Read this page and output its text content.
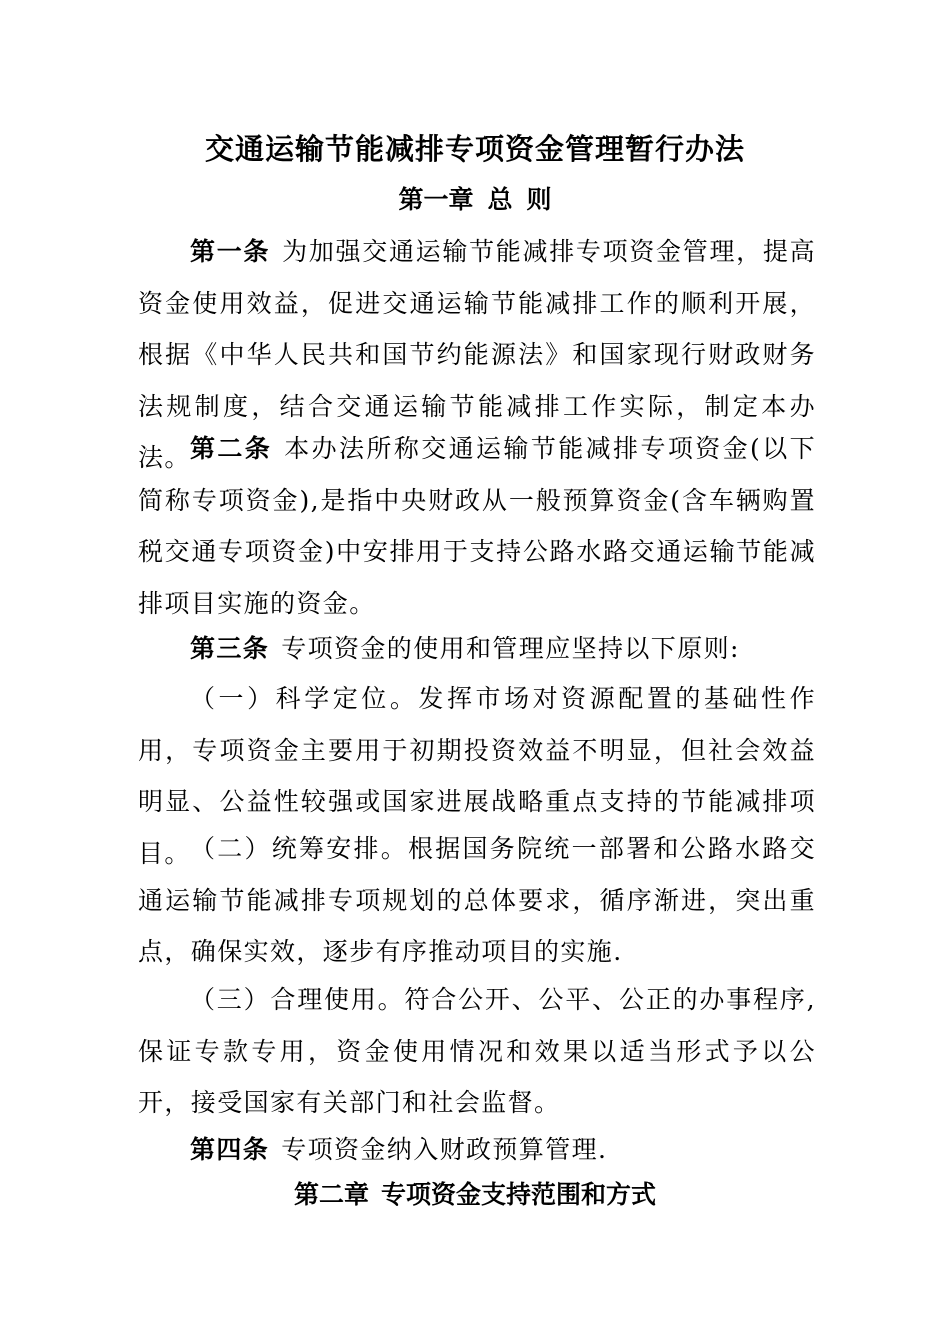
交通运输节能减排专项资金管理暂行办法
第一章 总 则

第一条 为加强交通运输节能减排专项资金管理，提高资金使用效益，促进交通运输节能减排工作的顺利开展，根据《中华人民共和国节约能源法》和国家现行财政财务法规制度，结合交通运输节能减排工作实际，制定本办法。 第二条 本办法所称交通运输节能减排专项资金(以下简称专项资金),是指中央财政从一般预算资金(含车辆购置税交通专项资金)中安排用于支持公路水路交通运输节能减排项目实施的资金。

第三条 专项资金的使用和管理应坚持以下原则:

（一）科学定位。发挥市场对资源配置的基础性作用，专项资金主要用于初期投资效益不明显，但社会效益明显、公益性较强或国家进展战略重点支持的节能减排项目。 （二）统筹安排。根据国务院统一部署和公路水路交通运输节能减排专项规划的总体要求，循序渐进，突出重点，确保实效，逐步有序推动项目的实施.

（三）合理使用。符合公开、公平、公正的办事程序,保证专款专用，资金使用情况和效果以适当形式予以公开，接受国家有关部门和社会监督。

第四条 专项资金纳入财政预算管理.

第二章 专项资金支持范围和方式
